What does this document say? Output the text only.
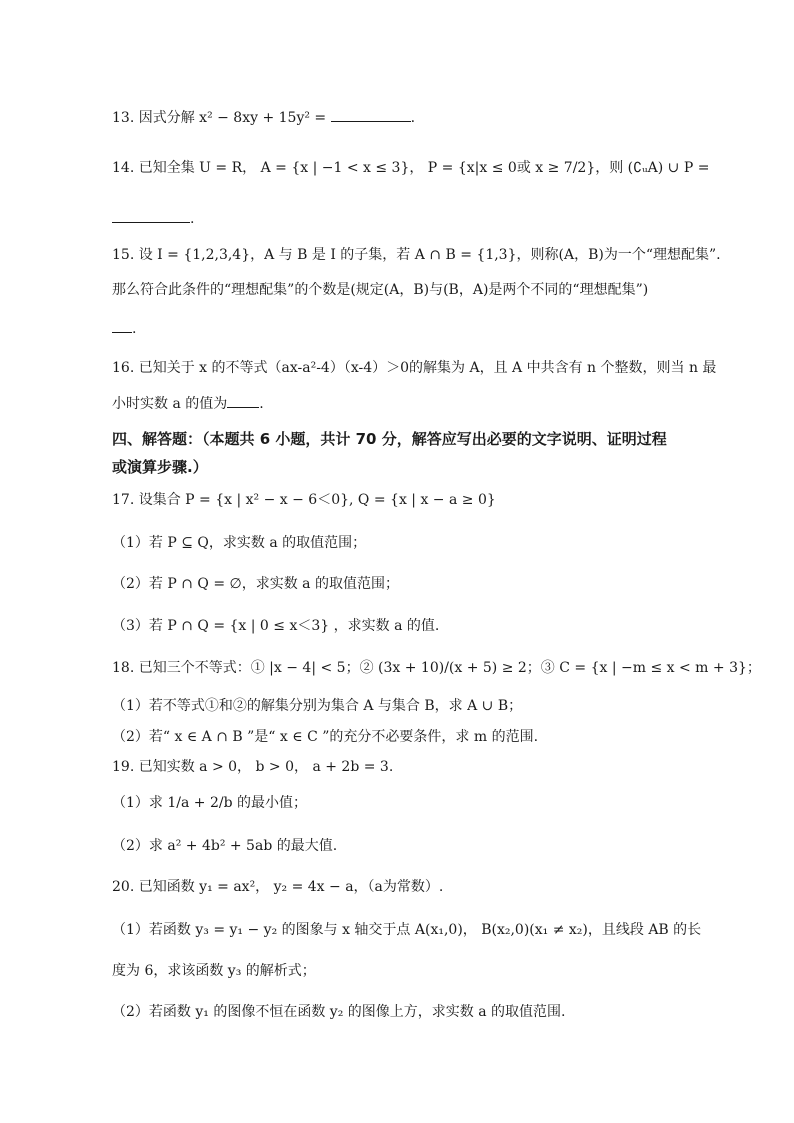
13. 因式分解 x² − 8xy + 15y² =	.
14. 已知全集 U = R， A = {x | −1 < x ≤ 3}， P = {x|x ≤ 0或 x ≥ 7/2}，则 (∁ᵤA) ∪ P =
.
15. 设 I = {1,2,3,4}，A 与 B 是 I 的子集，若 A ∩ B = {1,3}，则称(A，B)为一个“理想配集”.
那么符合此条件的“理想配集”的个数是(规定(A，B)与(B，A)是两个不同的“理想配集”)
.
16. 已知关于 x 的不等式（ax-a²-4）（x-4）＞0的解集为 A，且 A 中共含有 n 个整数，则当 n 最
小时实数 a 的值为 .
四、解答题：（本题共 6 小题，共计 70 分，解答应写出必要的文字说明、证明过程
或演算步骤.）
17. 设集合 P = {x | x² − x − 6＜0}, Q = {x | x − a ≥ 0}
（1）若 P ⊆ Q，求实数 a 的取值范围；
（2）若 P ∩ Q = ∅，求实数 a 的取值范围；
（3）若 P ∩ Q = {x | 0 ≤ x＜3} ，求实数 a 的值.
18. 已知三个不等式：① |x − 4| < 5；② (3x + 10)/(x + 5) ≥ 2；③ C = {x | −m ≤ x < m + 3}；
（1）若不等式①和②的解集分别为集合 A 与集合 B，求 A ∪ B；
（2）若“ x ∈ A ∩ B ”是“ x ∈ C ”的充分不必要条件，求 m 的范围.
19. 已知实数 a > 0， b > 0， a + 2b = 3.
（1）求 1/a + 2/b 的最小值；
（2）求 a² + 4b² + 5ab 的最大值.
20. 已知函数 y₁ = ax²， y₂ = 4x − a，（a为常数）.
（1）若函数 y₃ = y₁ − y₂ 的图象与 x 轴交于点 A(x₁,0)， B(x₂,0)(x₁ ≠ x₂)，且线段 AB 的长
度为 6，求该函数 y₃ 的解析式；
（2）若函数 y₁ 的图像不恒在函数 y₂ 的图像上方，求实数 a 的取值范围.
